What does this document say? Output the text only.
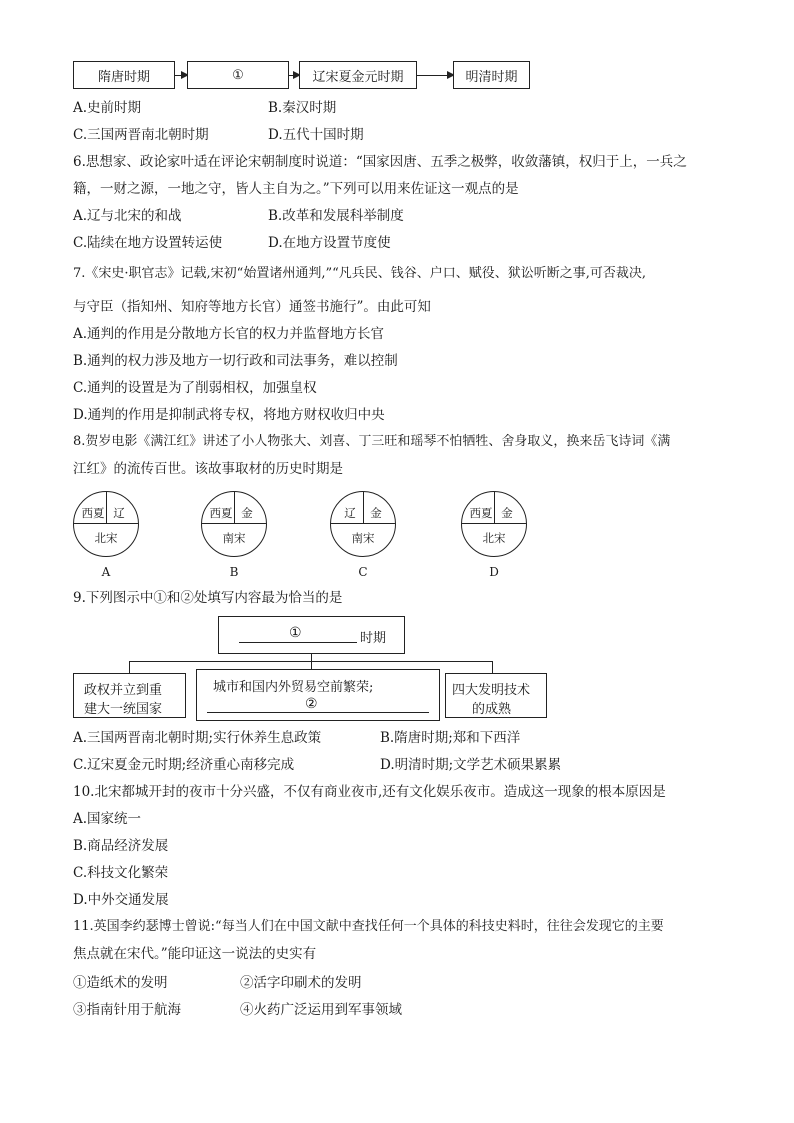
隋唐时期	①	辽宋夏金元时期	明清时期
A.史前时期	B.秦汉时期
C.三国两晋南北朝时期	D.五代十国时期
6.思想家、政论家叶适在评论宋朝制度时说道：“国家因唐、五季之极弊，收敛藩镇，权归于上，一兵之
籍，一财之源，一地之守，皆人主自为之。”下列可以用来佐证这一观点的是
A.辽与北宋的和战	B.改革和发展科举制度
C.陆续在地方设置转运使	D.在地方设置节度使
7.《宋史·职官志》记载,宋初“始置诸州通判,”“凡兵民、钱谷、户口、赋役、狱讼听断之事,可否裁决,
与守臣（指知州、知府等地方长官）通签书施行”。由此可知
A.通判的作用是分散地方长官的权力并监督地方长官
B.通判的权力涉及地方一切行政和司法事务，难以控制
C.通判的设置是为了削弱相权，加强皇权
D.通判的作用是抑制武将专权，将地方财权收归中央
8.贺岁电影《满江红》讲述了小人物张大、刘喜、丁三旺和瑶琴不怕牺牲、舍身取义，换来岳飞诗词《满
江红》的流传百世。该故事取材的历史时期是
西夏 辽
北宋
A
西夏 金
南宋
B
辽	金
南宋
C
西夏 金
北宋
D
9.下列图示中①和②处填写内容最为恰当的是
①	时期
政权并立到重
建大一统国家
城市和国内外贸易空前繁荣;
②
四大发明技术
的成熟
A.三国两晋南北朝时期;实行休养生息政策	B.隋唐时期;郑和下西洋
C.辽宋夏金元时期;经济重心南移完成	D.明清时期;文学艺术硕果累累
10.北宋都城开封的夜市十分兴盛，不仅有商业夜市,还有文化娱乐夜市。造成这一现象的根本原因是
A.国家统一
B.商品经济发展
C.科技文化繁荣
D.中外交通发展
11.英国李约瑟博士曾说:“每当人们在中国文献中查找任何一个具体的科技史料时，往往会发现它的主要
焦点就在宋代。”能印证这一说法的史实有
①造纸术的发明	②活字印刷术的发明
③指南针用于航海	④火药广泛运用到军事领域
